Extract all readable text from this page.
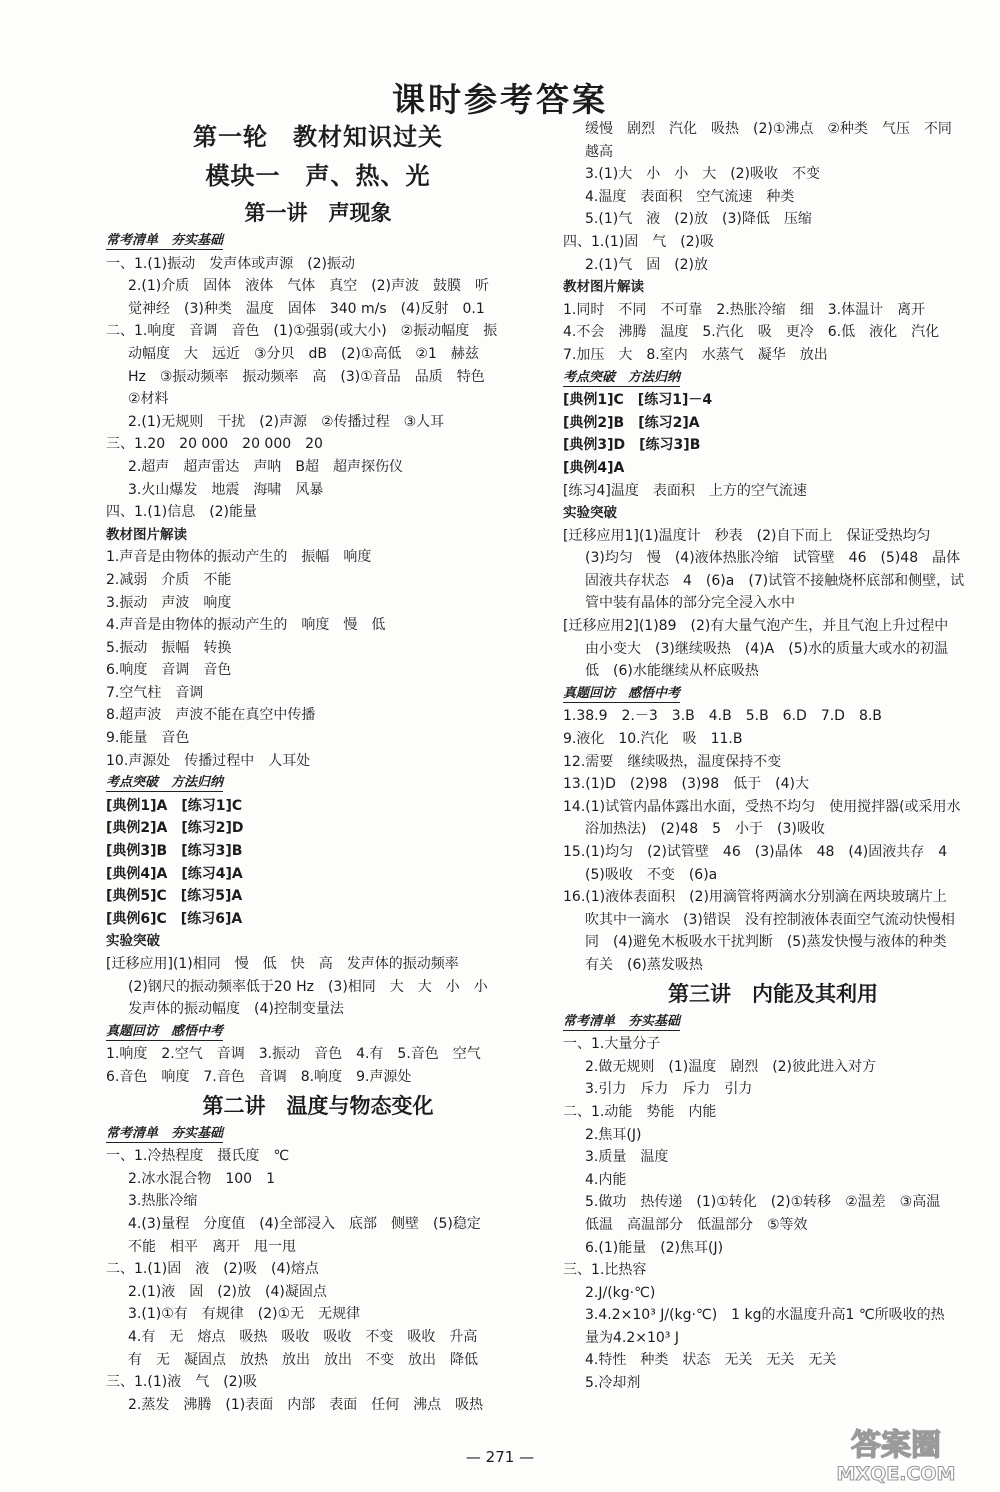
课时参考答案
第一轮　教材知识过关
模块一　声、热、光
第一讲　声现象
常考清单　夯实基础
一、1.(1)振动　发声体或声源　(2)振动
2.(1)介质　固体　液体　气体　真空　(2)声波　鼓膜　听
觉神经　(3)种类　温度　固体　340 m/s　(4)反射　0.1
二、1.响度　音调　音色　(1)①强弱(或大小)　②振动幅度　振
动幅度　大　远近　③分贝　dB　(2)①高低　②1　赫兹
Hz　③振动频率　振动频率　高　(3)①音品　品质　特色
②材料
2.(1)无规则　干扰　(2)声源　②传播过程　③人耳
三、1.20　20 000　20 000　20
2.超声　超声雷达　声呐　B超　超声探伤仪
3.火山爆发　地震　海啸　风暴
四、1.(1)信息　(2)能量
教材图片解读
1.声音是由物体的振动产生的　振幅　响度
2.减弱　介质　不能
3.振动　声波　响度
4.声音是由物体的振动产生的　响度　慢　低
5.振动　振幅　转换
6.响度　音调　音色
7.空气柱　音调
8.超声波　声波不能在真空中传播
9.能量　音色
10.声源处　传播过程中　人耳处
考点突破　方法归纳
[典例1]A　[练习1]C
[典例2]A　[练习2]D
[典例3]B　[练习3]B
[典例4]A　[练习4]A
[典例5]C　[练习5]A
[典例6]C　[练习6]A
实验突破
[迁移应用](1)相同　慢　低　快　高　发声体的振动频率
(2)钢尺的振动频率低于20 Hz　(3)相同　大　大　小　小
发声体的振动幅度　(4)控制变量法
真题回访　感悟中考
1.响度　2.空气　音调　3.振动　音色　4.有　5.音色　空气
6.音色　响度　7.音色　音调　8.响度　9.声源处
第二讲　温度与物态变化
常考清单　夯实基础
一、1.冷热程度　摄氏度　℃
2.冰水混合物　100　1
3.热胀冷缩
4.(3)量程　分度值　(4)全部浸入　底部　侧壁　(5)稳定
不能　相平　离开　甩一甩
二、1.(1)固　液　(2)吸　(4)熔点
2.(1)液　固　(2)放　(4)凝固点
3.(1)①有　有规律　(2)①无　无规律
4.有　无　熔点　吸热　吸收　吸收　不变　吸收　升高
有　无　凝固点　放热　放出　放出　不变　放出　降低
三、1.(1)液　气　(2)吸
2.蒸发　沸腾　(1)表面　内部　表面　任何　沸点　吸热
缓慢　剧烈　汽化　吸热　(2)①沸点　②种类　气压　不同
越高
3.(1)大　小　小　大　(2)吸收　不变
4.温度　表面积　空气流速　种类
5.(1)气　液　(2)放　(3)降低　压缩
四、1.(1)固　气　(2)吸
2.(1)气　固　(2)放
教材图片解读
1.同时　不同　不可靠　2.热胀冷缩　细　3.体温计　离开
4.不会　沸腾　温度　5.汽化　吸　更冷　6.低　液化　汽化
7.加压　大　8.室内　水蒸气　凝华　放出
考点突破　方法归纳
[典例1]C　[练习1]－4
[典例2]B　[练习2]A
[典例3]D　[练习3]B
[典例4]A
[练习4]温度　表面积　上方的空气流速
实验突破
[迁移应用1](1)温度计　秒表　(2)自下而上　保证受热均匀
(3)均匀　慢　(4)液体热胀冷缩　试管壁　46　(5)48　晶体
固液共存状态　4　(6)a　(7)试管不接触烧杯底部和侧壁，试
管中装有晶体的部分完全浸入水中
[迁移应用2](1)89　(2)有大量气泡产生，并且气泡上升过程中
由小变大　(3)继续吸热　(4)A　(5)水的质量大或水的初温
低　(6)水能继续从杯底吸热
真题回访　感悟中考
1.38.9　2.－3　3.B　4.B　5.B　6.D　7.D　8.B
9.液化　10.汽化　吸　11.B
12.需要　继续吸热，温度保持不变
13.(1)D　(2)98　(3)98　低于　(4)大
14.(1)试管内晶体露出水面，受热不均匀　使用搅拌器(或采用水
浴加热法)　(2)48　5　小于　(3)吸收
15.(1)均匀　(2)试管壁　46　(3)晶体　48　(4)固液共存　4
(5)吸收　不变　(6)a
16.(1)液体表面积　(2)用滴管将两滴水分别滴在两块玻璃片上
吹其中一滴水　(3)错误　没有控制液体表面空气流动快慢相
同　(4)避免木板吸水干扰判断　(5)蒸发快慢与液体的种类
有关　(6)蒸发吸热
第三讲　内能及其利用
常考清单　夯实基础
一、1.大量分子
2.做无规则　(1)温度　剧烈　(2)彼此进入对方
3.引力　斥力　斥力　引力
二、1.动能　势能　内能
2.焦耳(J)
3.质量　温度
4.内能
5.做功　热传递　(1)①转化　(2)①转移　②温差　③高温
低温　高温部分　低温部分　⑤等效
6.(1)能量　(2)焦耳(J)
三、1.比热容
2.J/(kg·℃)
3.4.2×10³ J/(kg·℃)　1 kg的水温度升高1 ℃所吸收的热
量为4.2×10³ J
4.特性　种类　状态　无关　无关　无关
5.冷却剂
— 271 —	答案圈
MXQE.COM
